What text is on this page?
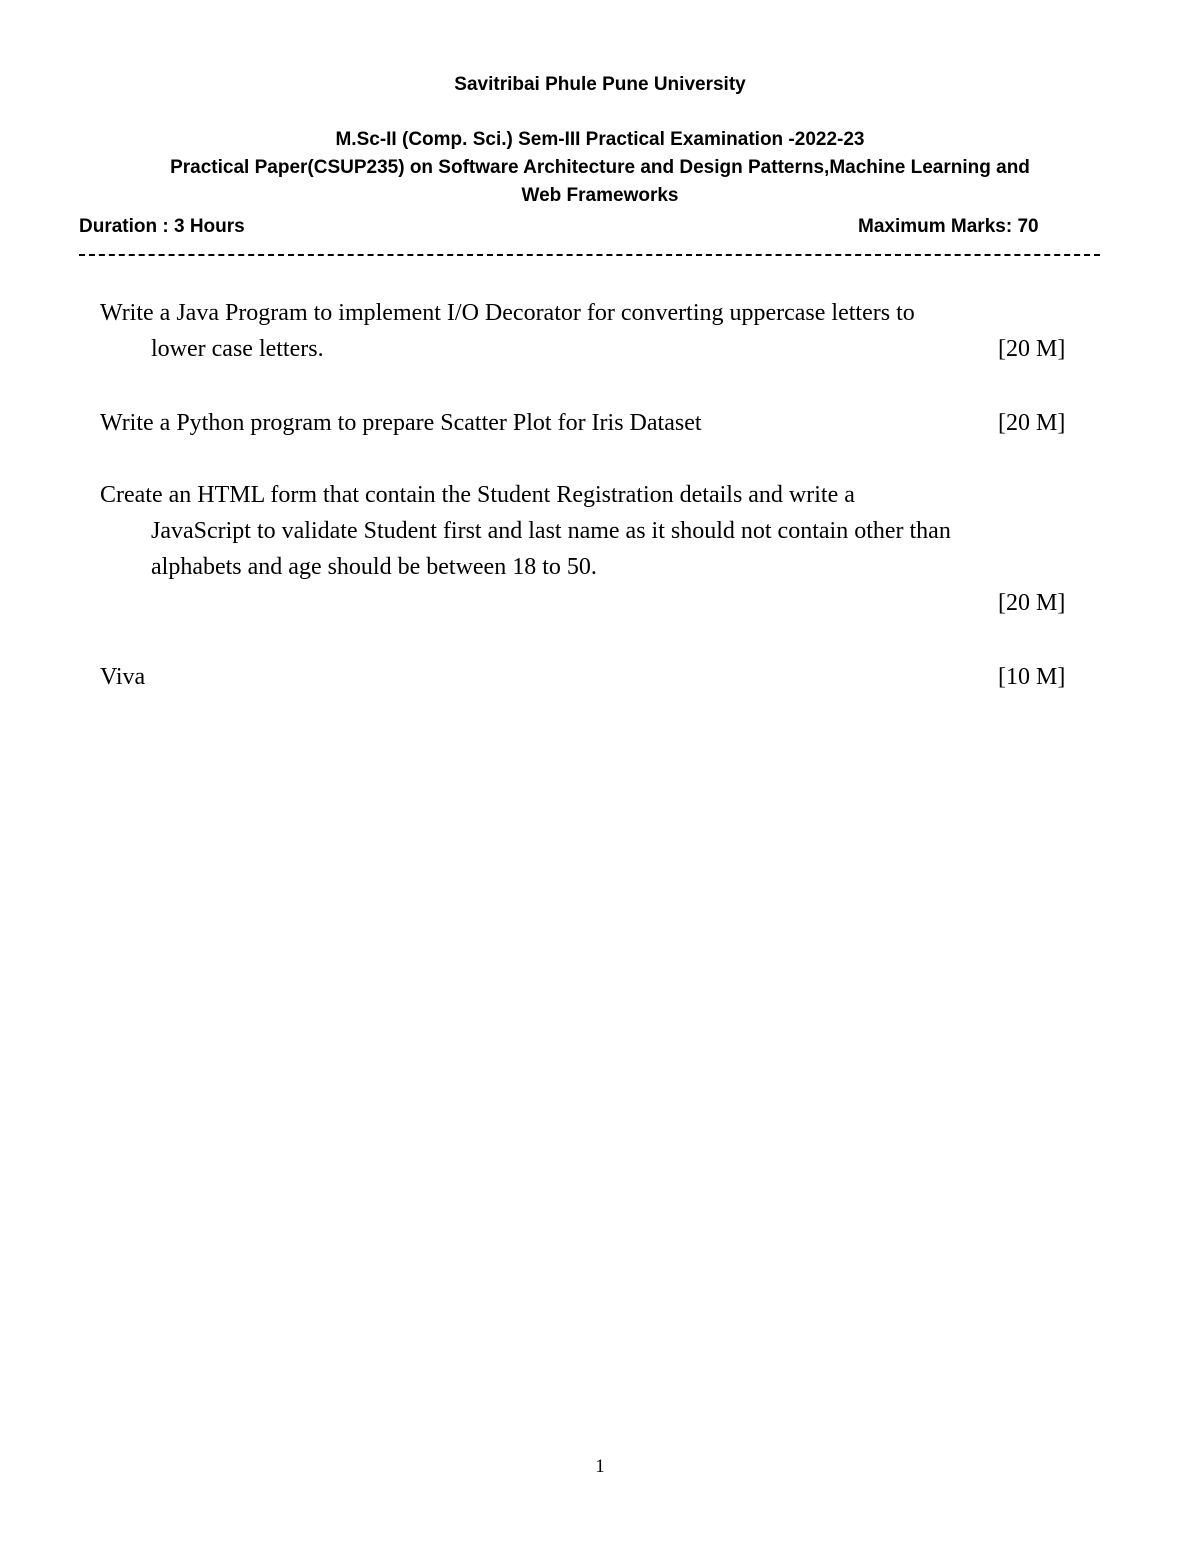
Savitribai Phule Pune University
M.Sc-II (Comp. Sci.) Sem-III Practical Examination -2022-23
Practical Paper(CSUP235) on Software Architecture and Design Patterns,Machine Learning and
Web Frameworks
Duration : 3 Hours	Maximum Marks: 70
Write a Java Program to implement I/O Decorator for converting uppercase letters to
lower case letters.	[20 M]
Write a Python program to prepare Scatter Plot for Iris Dataset	[20 M]
Create an HTML form that contain the Student Registration details and write a
JavaScript to validate Student first and last name as it should not contain other than
alphabets and age should be between 18 to 50.
[20 M]
Viva	[10 M]
1
